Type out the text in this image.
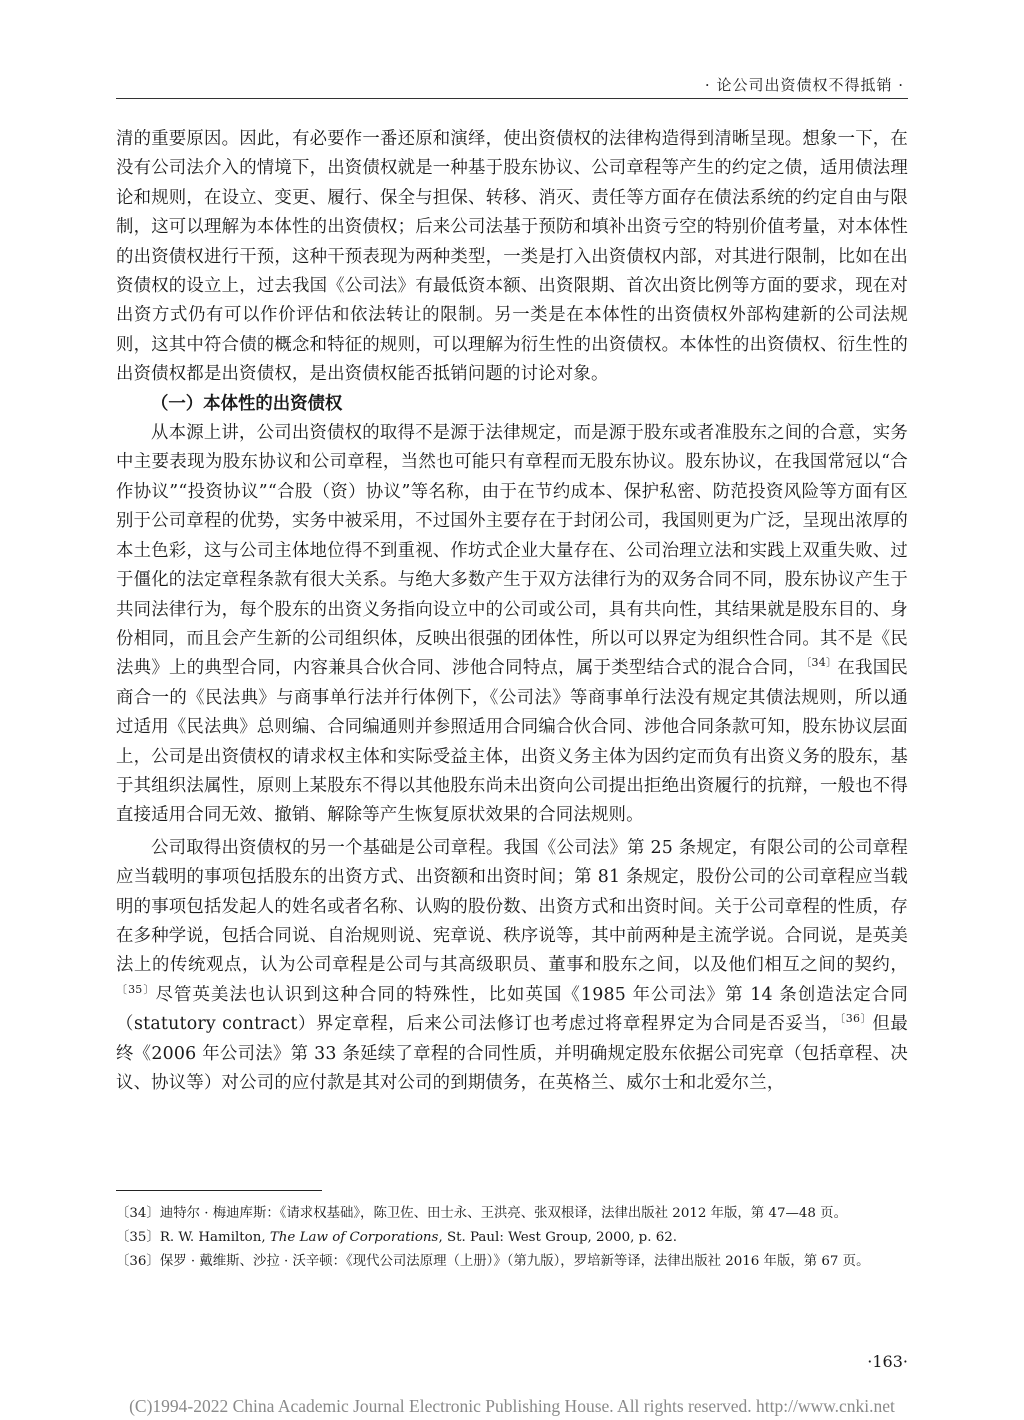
· 论公司出资债权不得抵销 ·

清的重要原因。因此，有必要作一番还原和演绎，使出资债权的法律构造得到清晰呈现。想象一下，在没有公司法介入的情境下，出资债权就是一种基于股东协议、公司章程等产生的约定之债，适用债法理论和规则，在设立、变更、履行、保全与担保、转移、消灭、责任等方面存在债法系统的约定自由与限制，这可以理解为本体性的出资债权；后来公司法基于预防和填补出资亏空的特别价值考量，对本体性的出资债权进行干预，这种干预表现为两种类型，一类是打入出资债权内部，对其进行限制，比如在出资债权的设立上，过去我国《公司法》有最低资本额、出资限期、首次出资比例等方面的要求，现在对出资方式仍有可以作价评估和依法转让的限制。另一类是在本体性的出资债权外部构建新的公司法规则，这其中符合债的概念和特征的规则，可以理解为衍生性的出资债权。本体性的出资债权、衍生性的出资债权都是出资债权，是出资债权能否抵销问题的讨论对象。

（一）本体性的出资债权

从本源上讲，公司出资债权的取得不是源于法律规定，而是源于股东或者准股东之间的合意，实务中主要表现为股东协议和公司章程，当然也可能只有章程而无股东协议。股东协议，在我国常冠以“合作协议”“投资协议”“合股（资）协议”等名称，由于在节约成本、保护私密、防范投资风险等方面有区别于公司章程的优势，实务中被采用，不过国外主要存在于封闭公司，我国则更为广泛，呈现出浓厚的本土色彩，这与公司主体地位得不到重视、作坊式企业大量存在、公司治理立法和实践上双重失败、过于僵化的法定章程条款有很大关系。与绝大多数产生于双方法律行为的双务合同不同，股东协议产生于共同法律行为，每个股东的出资义务指向设立中的公司或公司，具有共向性，其结果就是股东目的、身份相同，而且会产生新的公司组织体，反映出很强的团体性，所以可以界定为组织性合同。其不是《民法典》上的典型合同，内容兼具合伙合同、涉他合同特点，属于类型结合式的混合合同，$^{〔34〕}$在我国民商合一的《民法典》与商事单行法并行体例下，《公司法》等商事单行法没有规定其债法规则，所以通过适用《民法典》总则编、合同编通则并参照适用合同编合伙合同、涉他合同条款可知，股东协议层面上，公司是出资债权的请求权主体和实际受益主体，出资义务主体为因约定而负有出资义务的股东，基于其组织法属性，原则上某股东不得以其他股东尚未出资向公司提出拒绝出资履行的抗辩，一般也不得直接适用合同无效、撤销、解除等产生恢复原状效果的合同法规则。

公司取得出资债权的另一个基础是公司章程。我国《公司法》第 25 条规定，有限公司的公司章程应当载明的事项包括股东的出资方式、出资额和出资时间；第 81 条规定，股份公司的公司章程应当载明的事项包括发起人的姓名或者名称、认购的股份数、出资方式和出资时间。关于公司章程的性质，存在多种学说，包括合同说、自治规则说、宪章说、秩序说等，其中前两种是主流学说。合同说，是英美法上的传统观点，认为公司章程是公司与其高级职员、董事和股东之间，以及他们相互之间的契约，$^{〔35〕}$尽管英美法也认识到这种合同的特殊性，比如英国《1985 年公司法》第 14 条创造法定合同（statutory contract）界定章程，后来公司法修订也考虑过将章程界定为合同是否妥当，$^{〔36〕}$但最终《2006 年公司法》第 33 条延续了章程的合同性质，并明确规定股东依据公司宪章（包括章程、决议、协议等）对公司的应付款是其对公司的到期债务，在英格兰、威尔士和北爱尔兰，

〔34〕迪特尔 · 梅迪库斯：《请求权基础》，陈卫佐、田士永、王洪亮、张双根译，法律出版社 2012 年版，第 47—48 页。

〔35〕R. W. Hamilton, The Law of Corporations, St. Paul: West Group, 2000, p. 62.

〔36〕保罗 · 戴维斯、沙拉 · 沃辛顿：《现代公司法原理（上册）》（第九版），罗培新等译，法律出版社 2016 年版，第 67 页。

·163·
(C)1994-2022 China Academic Journal Electronic Publishing House. All rights reserved. http://www.cnki.net
